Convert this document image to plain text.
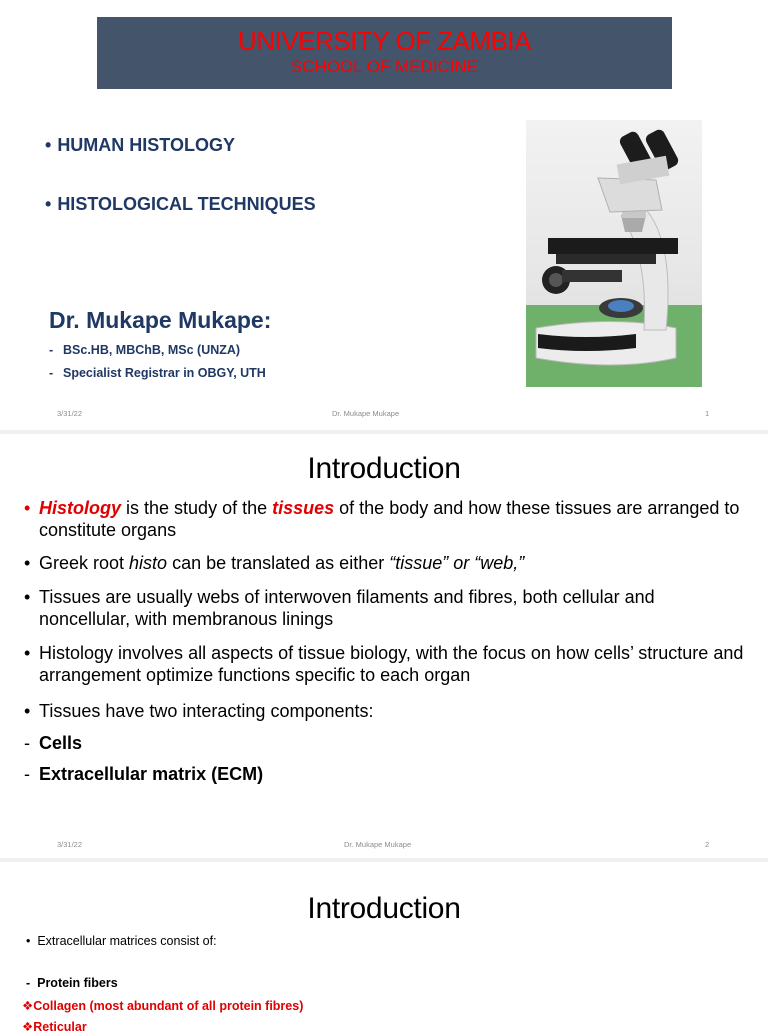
UNIVERSITY OF ZAMBIA
SCHOOL OF MEDICINE
• HUMAN HISTOLOGY
• HISTOLOGICAL TECHNIQUES
Dr. Mukape Mukape:
- BSc.HB, MBChB, MSc (UNZA)
- Specialist Registrar in OBGY, UTH
3/31/22	Dr. Mukape Mukape	1
Introduction
• Histology is the study of the tissues of the body and how these tissues are arranged to constitute organs
• Greek root histo can be translated as either “tissue” or “web,”
• Tissues are usually webs of interwoven filaments and fibres, both cellular and noncellular, with membranous linings
• Histology involves all aspects of tissue biology, with the focus on how cells’ structure and arrangement optimize functions specific to each organ
• Tissues have two interacting components:
- Cells
- Extracellular matrix (ECM)
3/31/22	Dr. Mukape Mukape	2
Introduction
• Extracellular matrices consist of:
-  Protein fibers
❖Collagen (most abundant of all protein fibres)
❖Reticular
